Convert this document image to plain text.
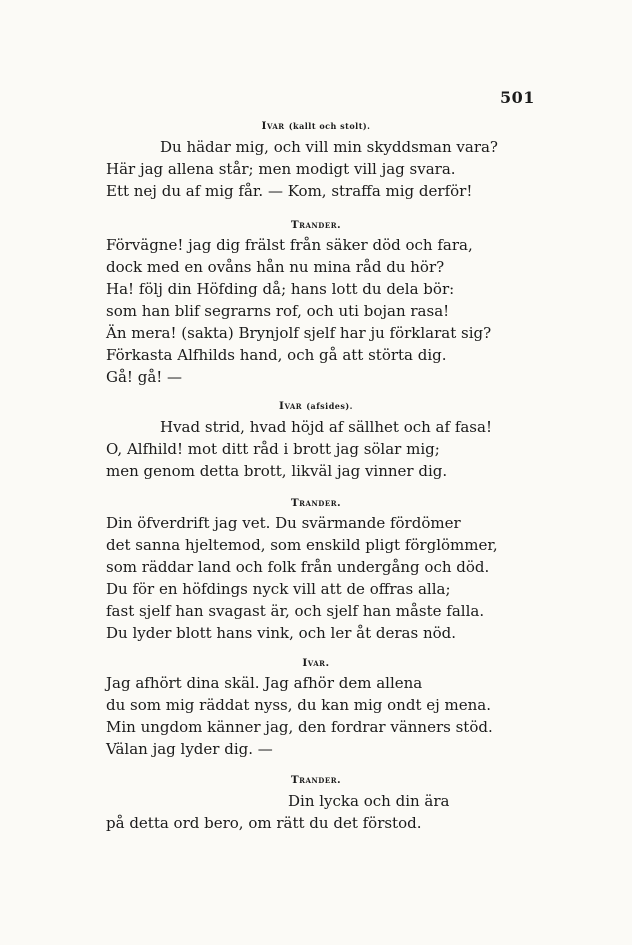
501
Ivar (kallt och stolt).
Du hädar mig, och vill min skyddsman vara?
Här jag allena står; men modigt vill jag svara.
Ett nej du af mig får. — Kom, straffa mig derför!
Trander.
Förvägne! jag dig frälst från säker död och fara,
dock med en ovåns hån nu mina råd du hör?
Ha! följ din Höfding då; hans lott du dela bör:
som han blif segrarns rof, och uti bojan rasa!
Än mera! (sakta) Brynjolf sjelf har ju förklarat sig?
Förkasta Alfhilds hand, och gå att störta dig.
Gå! gå! —
Ivar (afsides).
Hvad strid, hvad höjd af sällhet och af fasa!
O, Alfhild! mot ditt råd i brott jag sölar mig;
men genom detta brott, likväl jag vinner dig.
Trander.
Din öfverdrift jag vet. Du svärmande fördömer
det sanna hjeltemod, som enskild pligt förglömmer,
som räddar land och folk från undergång och död.
Du för en höfdings nyck vill att de offras alla;
fast sjelf han svagast är, och sjelf han måste falla.
Du lyder blott hans vink, och ler åt deras nöd.
Ivar.
Jag afhört dina skäl. Jag afhör dem allena
du som mig räddat nyss, du kan mig ondt ej mena.
Min ungdom känner jag, den fordrar vänners stöd.
Välan jag lyder dig. —
Trander.
Din lycka och din ära
på detta ord bero, om rätt du det förstod.
